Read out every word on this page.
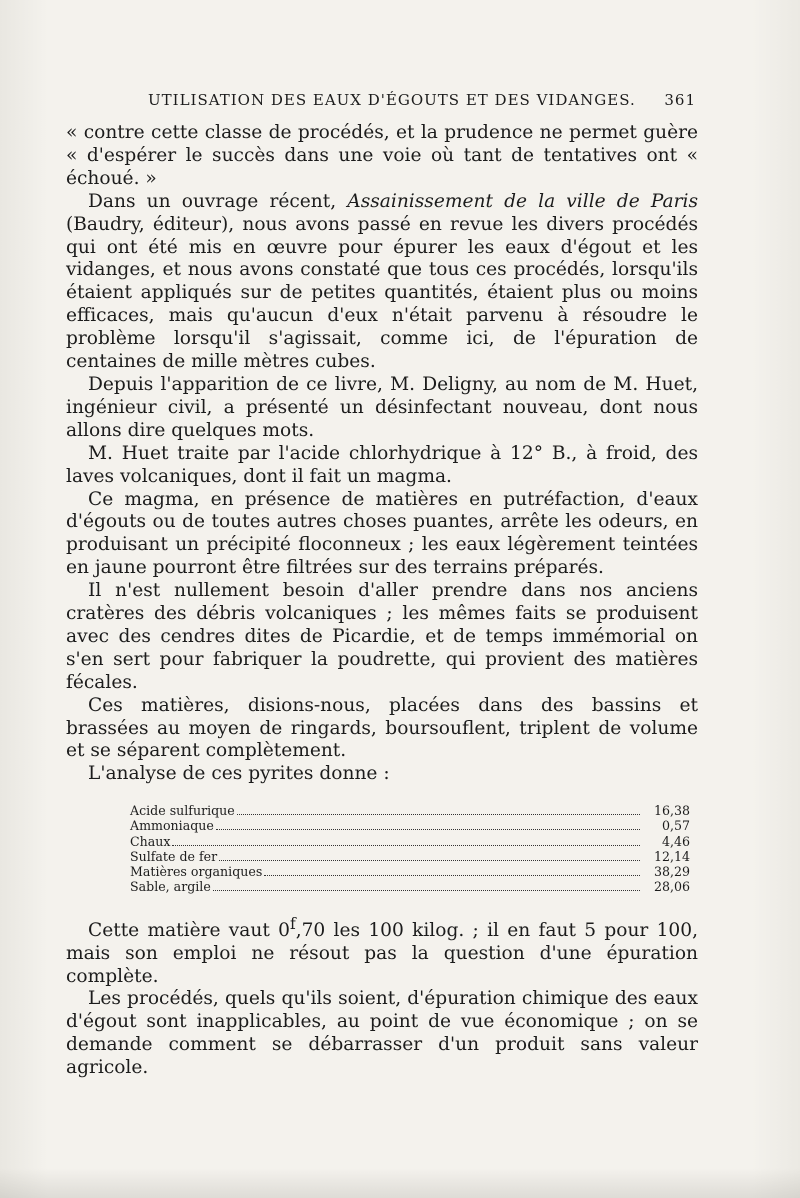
UTILISATION DES EAUX D'ÉGOUTS ET DES VIDANGES. 361

« contre cette classe de procédés, et la prudence ne permet guère « d'espérer le succès dans une voie où tant de tentatives ont « échoué. »

Dans un ouvrage récent, Assainissement de la ville de Paris (Baudry, éditeur), nous avons passé en revue les divers procédés qui ont été mis en œuvre pour épurer les eaux d'égout et les vidanges, et nous avons constaté que tous ces procédés, lorsqu'ils étaient appliqués sur de petites quantités, étaient plus ou moins efficaces, mais qu'aucun d'eux n'était parvenu à résoudre le problème lorsqu'il s'agissait, comme ici, de l'épuration de centaines de mille mètres cubes.

Depuis l'apparition de ce livre, M. Deligny, au nom de M. Huet, ingénieur civil, a présenté un désinfectant nouveau, dont nous allons dire quelques mots.

M. Huet traite par l'acide chlorhydrique à 12° B., à froid, des laves volcaniques, dont il fait un magma.

Ce magma, en présence de matières en putréfaction, d'eaux d'égouts ou de toutes autres choses puantes, arrête les odeurs, en produisant un précipité floconneux ; les eaux légèrement teintées en jaune pourront être filtrées sur des terrains préparés.

Il n'est nullement besoin d'aller prendre dans nos anciens cratères des débris volcaniques ; les mêmes faits se produisent avec des cendres dites de Picardie, et de temps immémorial on s'en sert pour fabriquer la poudrette, qui provient des matières fécales.

Ces matières, disions-nous, placées dans des bassins et brassées au moyen de ringards, boursouflent, triplent de volume et se séparent complètement.

L'analyse de ces pyrites donne :

Acide sulfurique	16,38
Ammoniaque	0,57
Chaux	4,46
Sulfate de fer	12,14
Matières organiques	38,29
Sable, argile	28,06

Cette matière vaut 0$^f$,70 les 100 kilog. ; il en faut 5 pour 100, mais son emploi ne résout pas la question d'une épuration complète.

Les procédés, quels qu'ils soient, d'épuration chimique des eaux d'égout sont inapplicables, au point de vue économique ; on se demande comment se débarrasser d'un produit sans valeur agricole.
